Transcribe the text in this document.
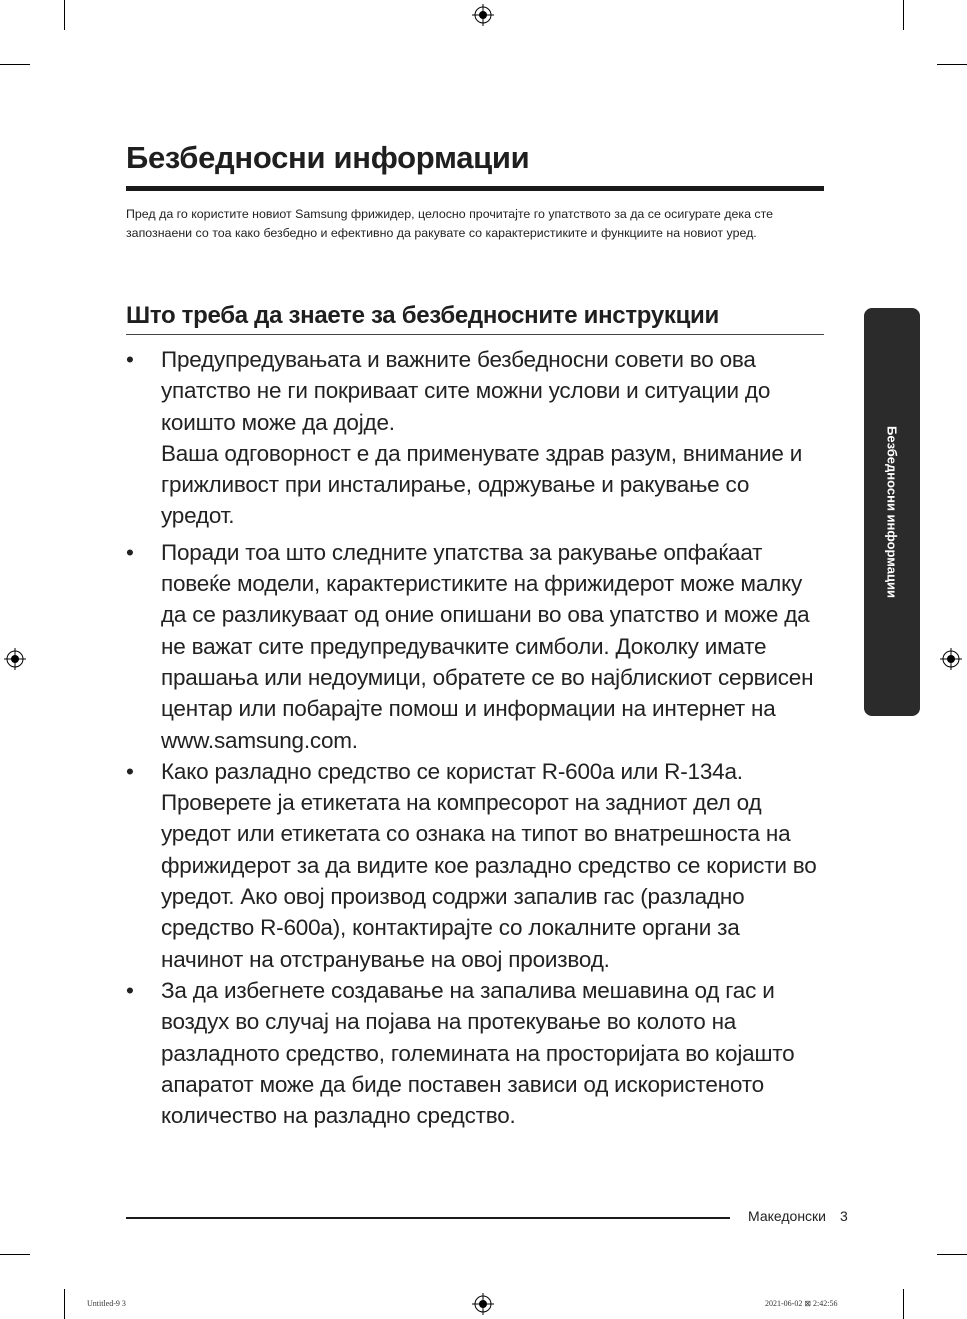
Безбедносни информации
Пред да го користите новиот Samsung фрижидер, целосно прочитајте го упатството за да се осигурате дека сте запознаени со тоа како безбедно и ефективно да ракувате со карактеристиките и функциите на новиот уред.
Што треба да знаете за безбедносните инструкции
• Предупредувањата и важните безбедносни совети во ова упатство не ги покриваат сите можни услови и ситуации до коишто може да дојде.
Ваша одговорност е да применувате здрав разум, внимание и грижливост при инсталирање, одржување и ракување со уредот.
• Поради тоа што следните упатства за ракување опфаќаат повеќе модели, карактеристиките на фрижидерот може малку да се разликуваат од оние опишани во ова упатство и може да не важат сите предупредувачките симболи. Доколку имате прашања или недоумици, обратете се во најблискиот сервисен центар или побарајте помош и информации на интернет на www.samsung.com.
• Како разладно средство се користат R-600a или R-134a. Проверете ја етикетата на компресорот на задниот дел од уредот или етикетата со ознака на типот во внатрешноста на фрижидерот за да видите кое разладно средство се користи во уредот. Ако овој производ содржи запалив гас (разладно средство R-600a), контактирајте со локалните органи за начинот на отстранување на овој производ.
• За да избегнете создавање на запалива мешавина од гас и воздух во случај на појава на протекување во колото на разладното средство, големината на просторијата во којашто апаратот може да биде поставен зависи од искористеното количество на разладно средство.
Безбедносни информации
Македонски 3
Untitled-9 3	2021-06-02 ⊠ 2:42:56
